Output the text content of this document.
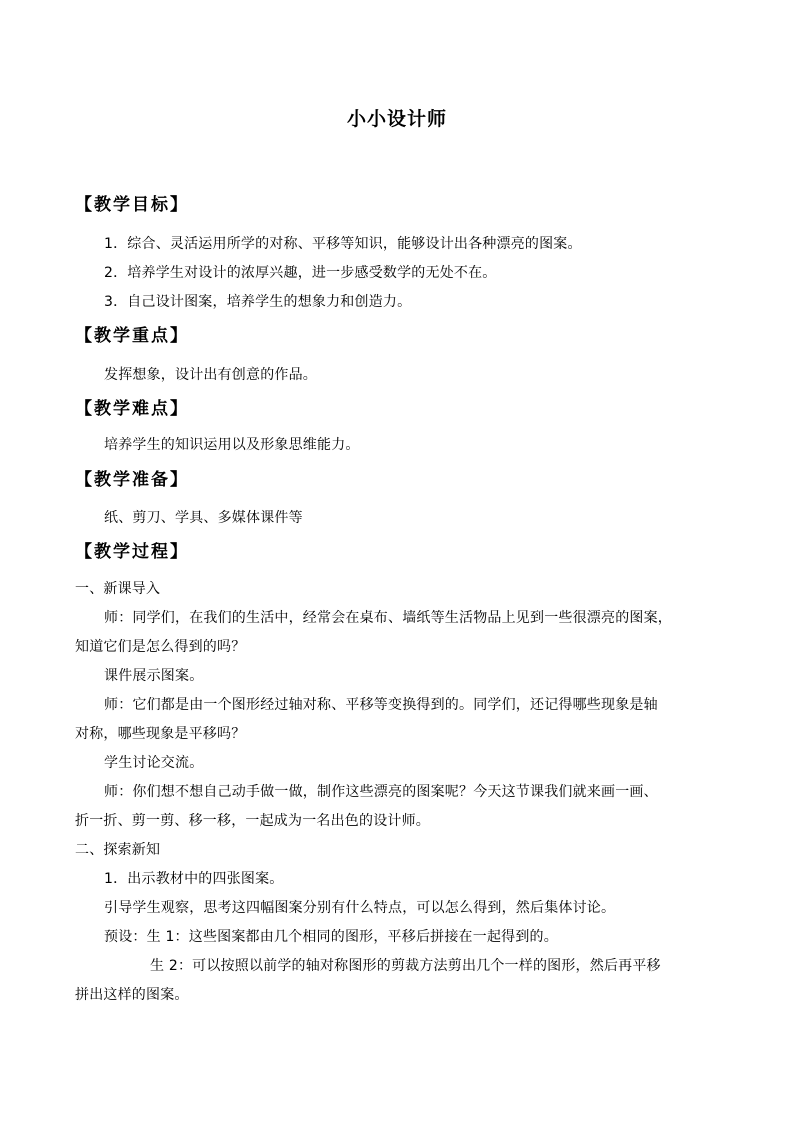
小小设计师
【教学目标】
1．综合、灵活运用所学的对称、平移等知识，能够设计出各种漂亮的图案。
2．培养学生对设计的浓厚兴趣，进一步感受数学的无处不在。
3．自己设计图案，培养学生的想象力和创造力。
【教学重点】
发挥想象，设计出有创意的作品。
【教学难点】
培养学生的知识运用以及形象思维能力。
【教学准备】
纸、剪刀、学具、多媒体课件等
【教学过程】
一、新课导入
师：同学们，在我们的生活中，经常会在桌布、墙纸等生活物品上见到一些很漂亮的图案，
知道它们是怎么得到的吗？
课件展示图案。
师：它们都是由一个图形经过轴对称、平移等变换得到的。同学们，还记得哪些现象是轴
对称，哪些现象是平移吗？
学生讨论交流。
师：你们想不想自己动手做一做，制作这些漂亮的图案呢？今天这节课我们就来画一画、
折一折、剪一剪、移一移，一起成为一名出色的设计师。
二、探索新知
1．出示教材中的四张图案。
引导学生观察，思考这四幅图案分别有什么特点，可以怎么得到，然后集体讨论。
预设：生 1：这些图案都由几个相同的图形，平移后拼接在一起得到的。
生 2：可以按照以前学的轴对称图形的剪裁方法剪出几个一样的图形，然后再平移
拼出这样的图案。
